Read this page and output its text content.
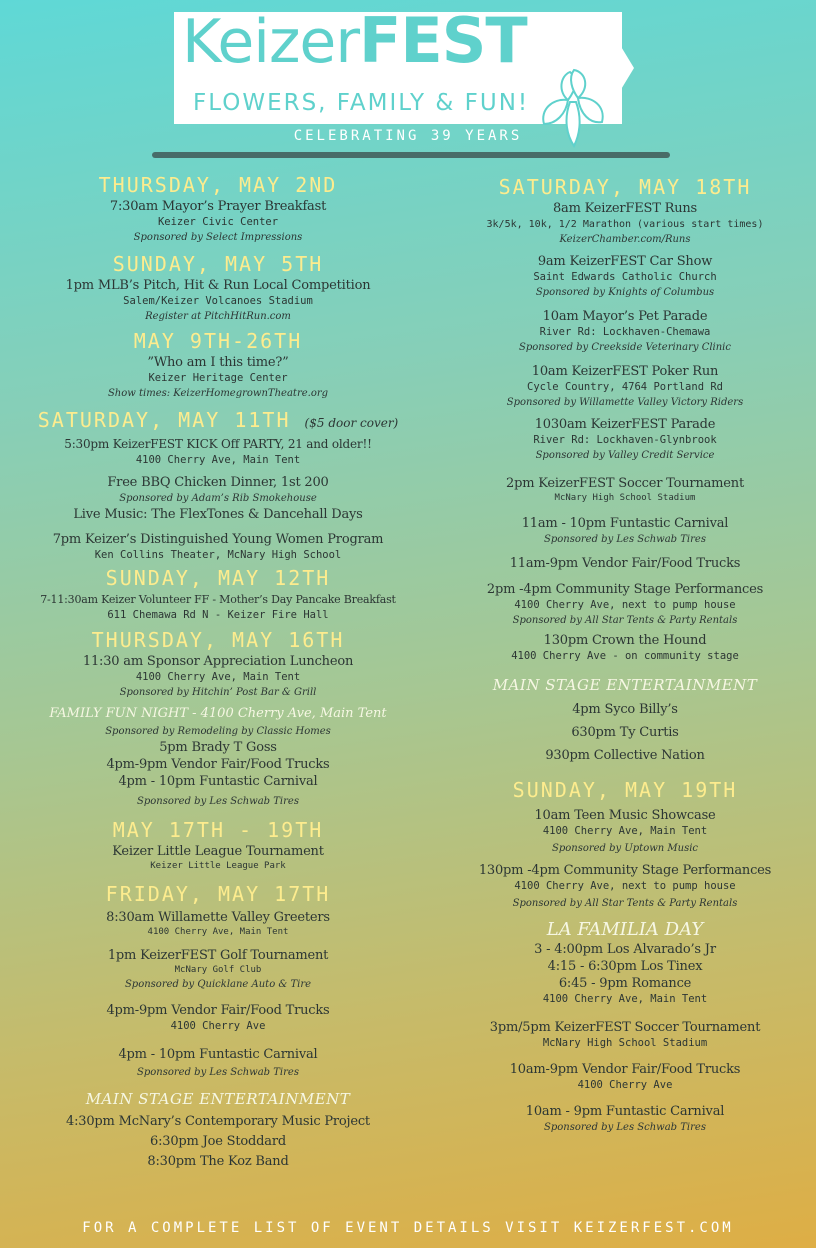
KeizerFEST
FLOWERS, FAMILY & FUN!
CELEBRATING 39 YEARS
THURSDAY, MAY 2ND
7:30am Mayor’s Prayer Breakfast
Keizer Civic Center
Sponsored by Select Impressions
SUNDAY, MAY 5TH
1pm MLB’s Pitch, Hit & Run Local Competition
Salem/Keizer Volcanoes Stadium
Register at PitchHitRun.com
MAY 9TH-26TH
”Who am I this time?”
Keizer Heritage Center
Show times: KeizerHomegrownTheatre.org
SATURDAY, MAY 11TH ($5 door cover)
5:30pm KeizerFEST KICK Off PARTY, 21 and older!!
4100 Cherry Ave, Main Tent
Free BBQ Chicken Dinner, 1st 200
Sponsored by Adam’s Rib Smokehouse
Live Music: The FlexTones & Dancehall Days
7pm Keizer’s Distinguished Young Women Program
Ken Collins Theater, McNary High School
SUNDAY, MAY 12TH
7-11:30am Keizer Volunteer FF - Mother’s Day Pancake Breakfast
611 Chemawa Rd N - Keizer Fire Hall
THURSDAY, MAY 16TH
11:30 am Sponsor Appreciation Luncheon
4100 Cherry Ave, Main Tent
Sponsored by Hitchin’ Post Bar & Grill
FAMILY FUN NIGHT - 4100 Cherry Ave, Main Tent
Sponsored by Remodeling by Classic Homes
5pm Brady T Goss
4pm-9pm Vendor Fair/Food Trucks
4pm - 10pm Funtastic Carnival
Sponsored by Les Schwab Tires
MAY 17TH - 19TH
Keizer Little League Tournament
Keizer Little League Park
FRIDAY, MAY 17TH
8:30am Willamette Valley Greeters
4100 Cherry Ave, Main Tent
1pm KeizerFEST Golf Tournament
McNary Golf Club
Sponsored by Quicklane Auto & Tire
4pm-9pm Vendor Fair/Food Trucks
4100 Cherry Ave
4pm - 10pm Funtastic Carnival
Sponsored by Les Schwab Tires
MAIN STAGE ENTERTAINMENT
4:30pm McNary’s Contemporary Music Project
6:30pm Joe Stoddard
8:30pm The Koz Band
SATURDAY, MAY 18TH
8am KeizerFEST Runs
3k/5k, 10k, 1/2 Marathon (various start times)
KeizerChamber.com/Runs
9am KeizerFEST Car Show
Saint Edwards Catholic Church
Sponsored by Knights of Columbus
10am Mayor’s Pet Parade
River Rd: Lockhaven-Chemawa
Sponsored by Creekside Veterinary Clinic
10am KeizerFEST Poker Run
Cycle Country, 4764 Portland Rd
Sponsored by Willamette Valley Victory Riders
1030am KeizerFEST Parade
River Rd: Lockhaven-Glynbrook
Sponsored by Valley Credit Service
2pm KeizerFEST Soccer Tournament
McNary High School Stadium
11am - 10pm Funtastic Carnival
Sponsored by Les Schwab Tires
11am-9pm Vendor Fair/Food Trucks
2pm -4pm Community Stage Performances
4100 Cherry Ave, next to pump house
Sponsored by All Star Tents & Party Rentals
130pm Crown the Hound
4100 Cherry Ave - on community stage
MAIN STAGE ENTERTAINMENT
4pm Syco Billy’s
630pm Ty Curtis
930pm Collective Nation
SUNDAY, MAY 19TH
10am Teen Music Showcase
4100 Cherry Ave, Main Tent
Sponsored by Uptown Music
130pm -4pm Community Stage Performances
4100 Cherry Ave, next to pump house
Sponsored by All Star Tents & Party Rentals
LA FAMILIA DAY
3 - 4:00pm Los Alvarado’s Jr
4:15 - 6:30pm Los Tinex
6:45 - 9pm Romance
4100 Cherry Ave, Main Tent
3pm/5pm KeizerFEST Soccer Tournament
McNary High School Stadium
10am-9pm Vendor Fair/Food Trucks
4100 Cherry Ave
10am - 9pm Funtastic Carnival
Sponsored by Les Schwab Tires
FOR A COMPLETE LIST OF EVENT DETAILS VISIT KEIZERFEST.COM
